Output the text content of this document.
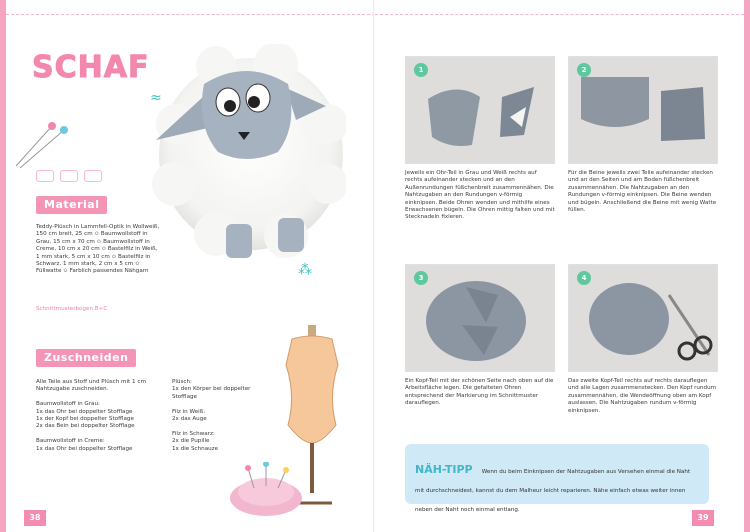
SCHAF
≈
⁂
Material
Teddy-Plüsch in Lammfell-Optik in Wollweiß, 150 cm breit, 25 cm ✩ Baumwollstoff in Grau, 15 cm x 70 cm ✩ Baumwollstoff in Creme, 10 cm x 20 cm ✩ Bastelfilz in Weiß, 1 mm stark, 5 cm x 10 cm ✩ Bastelfilz in Schwarz, 1 mm stark, 2 cm x 5 cm ✩ Füllwatte ✩ Farblich passendes Nähgarn
Schnittmusterbogen B+C
Zuschneiden
Alle Teile aus Stoff und Plüsch mit 1 cm Nahtzugabe zuschneiden.

Baumwollstoff in Grau:
1x das Ohr bei doppelter Stofflage
1x der Kopf bei doppelter Stofflage
2x das Bein bei doppelter Stofflage

Baumwollstoff in Creme:
1x das Ohr bei doppelter Stofflage
Plüsch:
1x den Körper bei doppelter Stofflage

Filz in Weiß:
2x das Auge

Filz in Schwarz:
2x die Pupille
1x die Schnauze
38
1
Jeweils ein Ohr-Teil in Grau und Weiß rechts auf rechts aufeinander stecken und an den Außenrundungen füßchenbreit zusammennähen. Die Nahtzugaben an den Rundungen v-förmig einknipsen. Beide Ohren wenden und mithilfe eines Erwachsenen bügeln. Die Ohren mittig falten und mit Stecknadeln fixieren.
2
Für die Beine jeweils zwei Teile aufeinander stecken und an den Seiten und am Boden füßchenbreit zusammennähen. Die Nahtzugaben an den Rundungen v-förmig einknipsen. Die Beine wenden und bügeln. Anschließend die Beine mit wenig Watte füllen.
3
Ein Kopf-Teil mit der schönen Seite nach oben auf die Arbeitsfläche legen. Die gefalteten Ohren entsprechend der Markierung im Schnittmuster darauflegen.
4
Das zweite Kopf-Teil rechts auf rechts darauflegen und alle Lagen zusammenstecken. Den Kopf rundum zusammennähen, die Wendeöffnung oben am Kopf auslassen. Die Nahtzugaben rundum v-förmig einknipsen.
NÄH-TIPP Wenn du beim Einknipsen der Nahtzugaben aus Versehen einmal die Naht mit durchschneidest, kannst du dem Malheur leicht reparieren. Nähe einfach etwas weiter innen neben der Naht noch einmal entlang.
39
